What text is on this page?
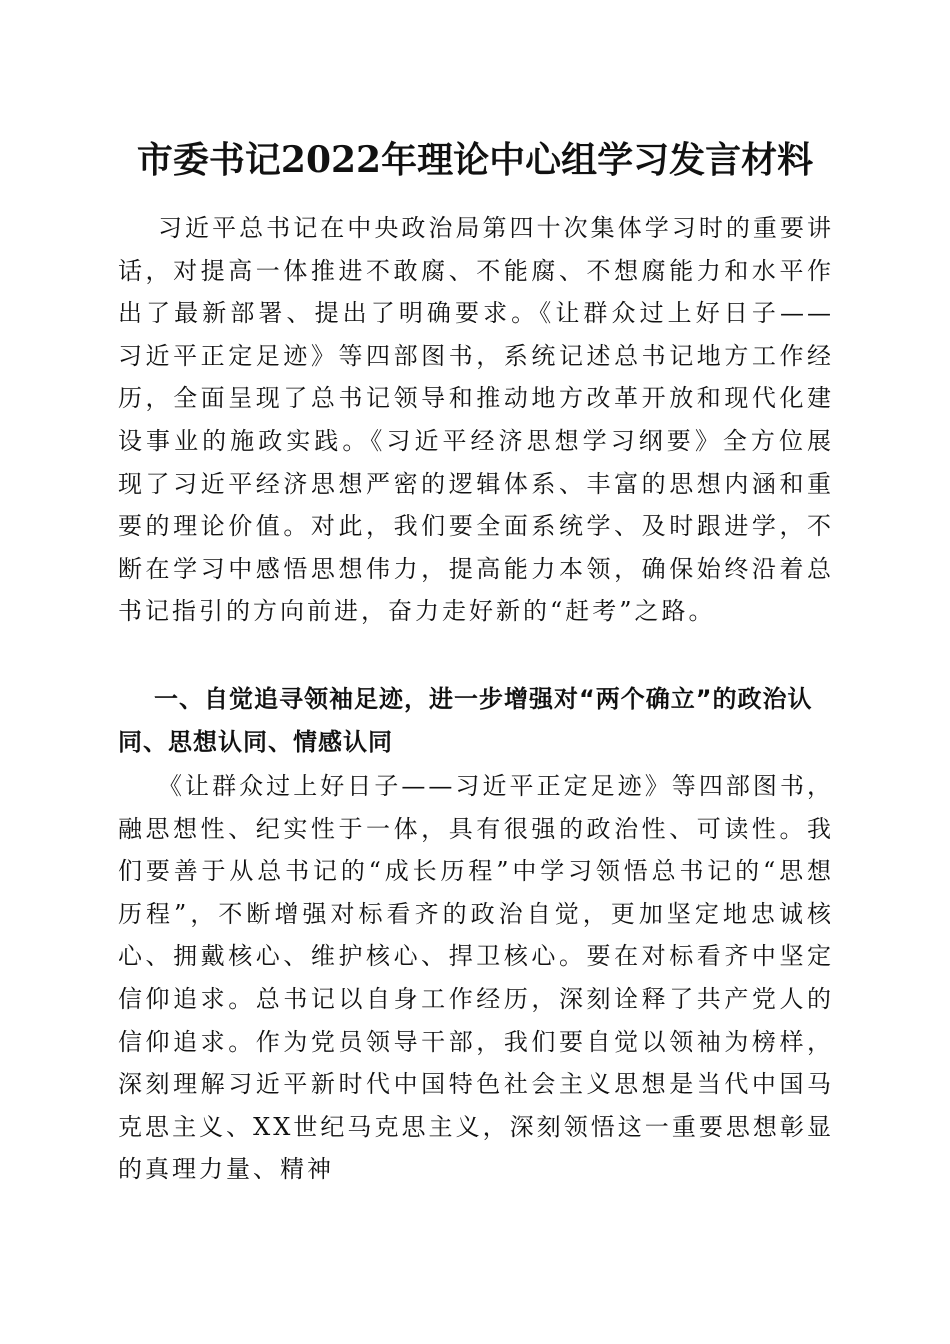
市委书记2022年理论中心组学习发言材料

习近平总书记在中央政治局第四十次集体学习时的重要讲话，对提高一体推进不敢腐、不能腐、不想腐能力和水平作出了最新部署、提出了明确要求。《让群众过上好日子——习近平正定足迹》等四部图书，系统记述总书记地方工作经历，全面呈现了总书记领导和推动地方改革开放和现代化建设事业的施政实践。《习近平经济思想学习纲要》全方位展现了习近平经济思想严密的逻辑体系、丰富的思想内涵和重要的理论价值。对此，我们要全面系统学、及时跟进学，不断在学习中感悟思想伟力，提高能力本领，确保始终沿着总书记指引的方向前进，奋力走好新的“赶考”之路。

一、自觉追寻领袖足迹，进一步增强对“两个确立”的政治认同、思想认同、情感认同

《让群众过上好日子——习近平正定足迹》等四部图书，融思想性、纪实性于一体，具有很强的政治性、可读性。我们要善于从总书记的“成长历程”中学习领悟总书记的“思想历程”，不断增强对标看齐的政治自觉，更加坚定地忠诚核心、拥戴核心、维护核心、捍卫核心。要在对标看齐中坚定信仰追求。总书记以自身工作经历，深刻诠释了共产党人的信仰追求。作为党员领导干部，我们要自觉以领袖为榜样，深刻理解习近平新时代中国特色社会主义思想是当代中国马克思主义、XX世纪马克思主义，深刻领悟这一重要思想彰显的真理力量、精神
